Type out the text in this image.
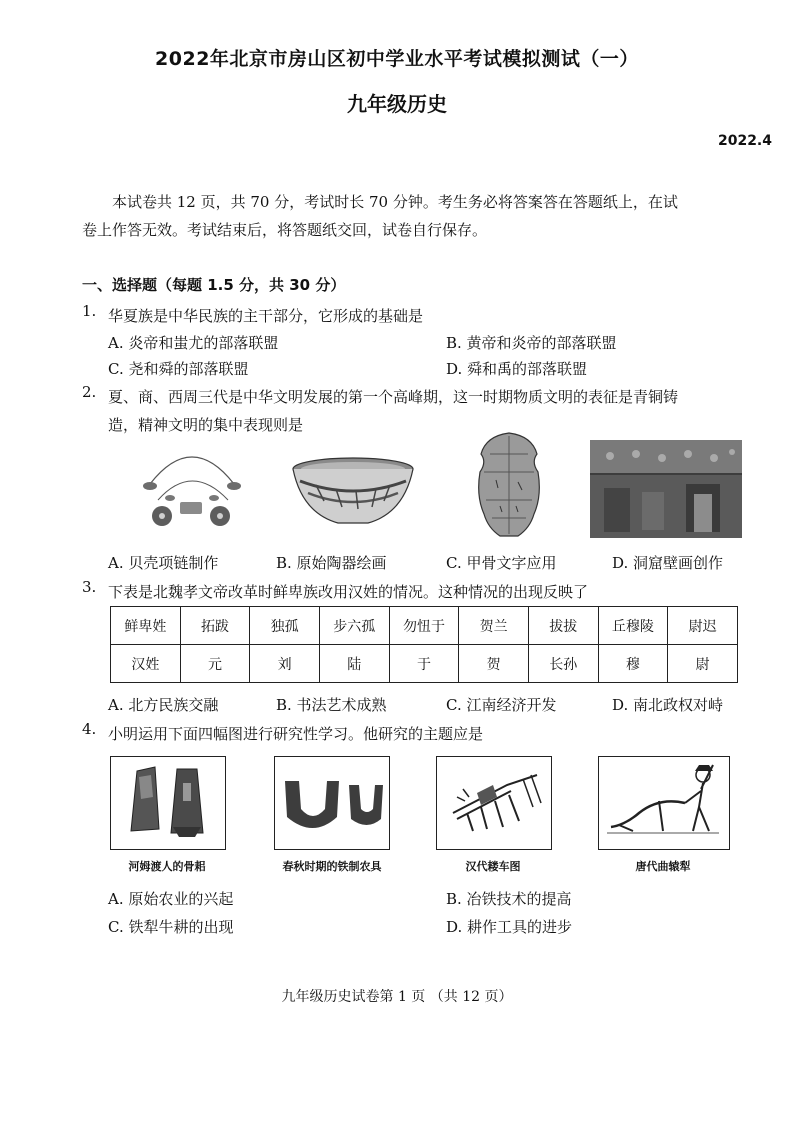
2022年北京市房山区初中学业水平考试模拟测试（一）
九年级历史
2022.4
本试卷共 12 页，共 70 分，考试时长 70 分钟。考生务必将答案答在答题纸上，在试
卷上作答无效。考试结束后，将答题纸交回，试卷自行保存。
一、选择题（每题 1.5 分，共 30 分）
1. 华夏族是中华民族的主干部分，它形成的基础是
A. 炎帝和蚩尤的部落联盟	B. 黄帝和炎帝的部落联盟
C. 尧和舜的部落联盟	D. 舜和禹的部落联盟
2. 夏、商、西周三代是中华文明发展的第一个高峰期，这一时期物质文明的表征是青铜铸
造，精神文明的集中表现则是
A. 贝壳项链制作	B. 原始陶器绘画	C. 甲骨文字应用	D. 洞窟壁画创作
3. 下表是北魏孝文帝改革时鲜卑族改用汉姓的情况。这种情况的出现反映了
鲜卑姓	拓跋	独孤	步六孤	勿忸于	贺兰	拔拔	丘穆陵	尉迟
汉姓	元	刘	陆	于	贺	长孙	穆	尉
A. 北方民族交融	B. 书法艺术成熟	C. 江南经济开发	D. 南北政权对峙
4. 小明运用下面四幅图进行研究性学习。他研究的主题应是
河姆渡人的骨耜	春秋时期的铁制农具	汉代耧车图	唐代曲辕犁
A. 原始农业的兴起	B. 冶铁技术的提高
C. 铁犁牛耕的出现	D. 耕作工具的进步
九年级历史试卷第 1 页 （共 12 页）
